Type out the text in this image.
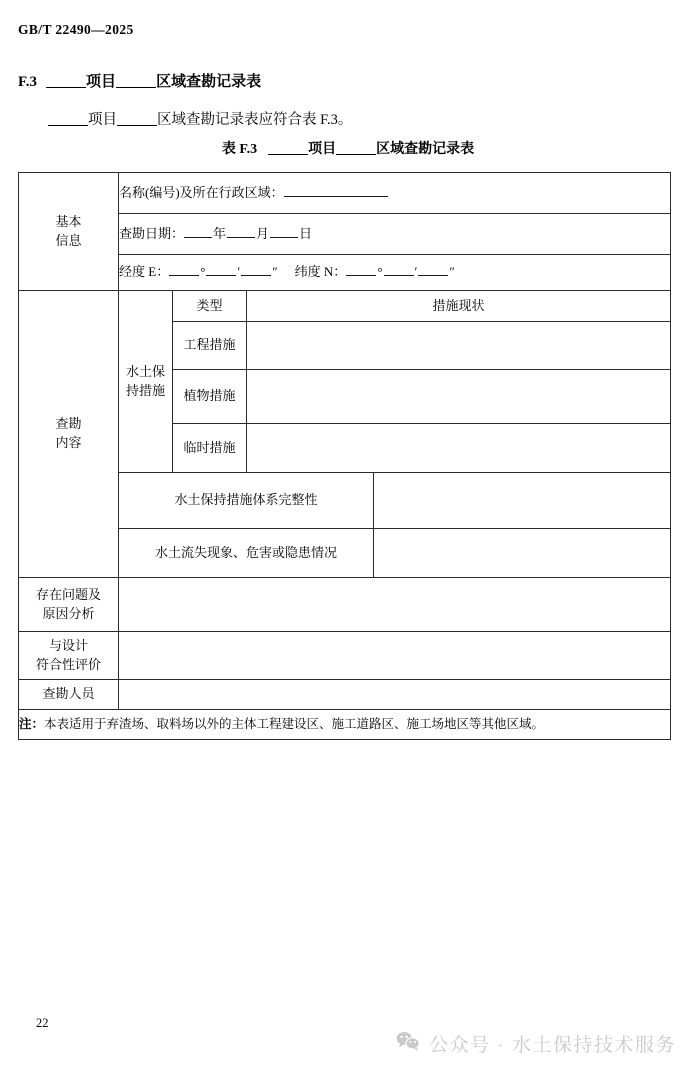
GB/T 22490—2025
F.3	项目	区域查勘记录表
项目	区域查勘记录表应符合表 F.3。
表 F.3	项目	区域查勘记录表
基本
信息	名称(编号)及所在行政区域：			
	查勘日期： 年 月 日			
	经度 E： ° ′ ″ 纬度 N： ° ′ ″			

查勘
内容	水土保 持措施	类型	措施现状	
		工程措施		
		植物措施		
		临时措施		
	水土保持措施体系完整性			
	水土流失现象、危害或隐患情况			

存在问题及
原因分析				

与设计
符合性评价				

查勘人员				

注：本表适用于弃渣场、取料场以外的主体工程建设区、施工道路区、施工场地区等其他区域。				
22
公众号 · 水土保持技术服务
